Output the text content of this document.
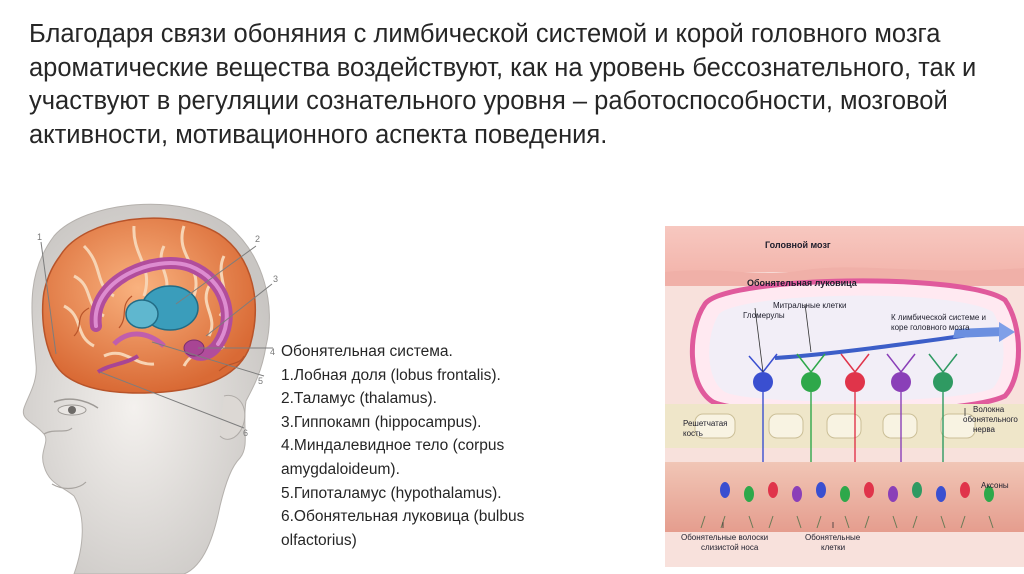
Благодаря связи обоняния с лимбической системой и корой головного мозга ароматические вещества воздействуют, как на уровень бессознательного, так и участвуют в регуляции сознательного уровня – работоспособности, мозговой активности, мотивационного аспекта поведения.

1	2
3
4
5
6
Обонятельная система.
1.Лобная доля (lobus frontalis).
2.Таламус (thalamus).
3.Гиппокамп (hippocampus).
4.Миндалевидное тело (corpus
amygdaloideum).
5.Гипоталамус (hypothalamus).
6.Обонятельная луковица (bulbus
olfactorius)
Головной мозг
Обонятельная луковица
Митральные клетки
К лимбической системе и
коре головного мозга
Гломерулы
Решетчатая
кость
Волокна
обонятельного
нерва
Аксоны
Обонятельные волоски
слизистой носа
Обонятельные
клетки
